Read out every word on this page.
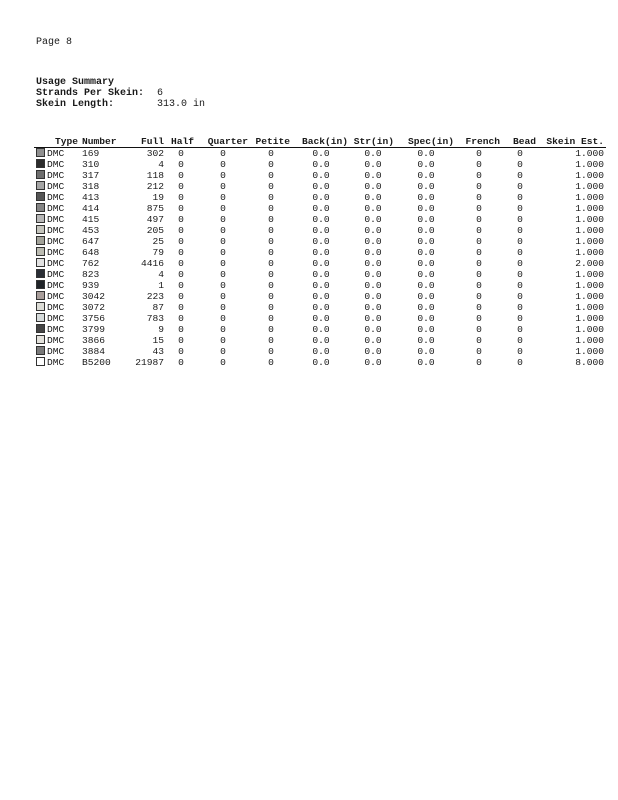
Page 8
Usage Summary
Strands Per Skein: 6
Skein Length:	313.0 in
Type	Number	Full	Half	Quarter	Petite	Back(in)	Str(in)	Spec(in)	French	Bead	Skein Est.
DMC	169	302	0	0	0	0.0	0.0	0.0	0	0	1.000
DMC	310	4	0	0	0	0.0	0.0	0.0	0	0	1.000
DMC	317	118	0	0	0	0.0	0.0	0.0	0	0	1.000
DMC	318	212	0	0	0	0.0	0.0	0.0	0	0	1.000
DMC	413	19	0	0	0	0.0	0.0	0.0	0	0	1.000
DMC	414	875	0	0	0	0.0	0.0	0.0	0	0	1.000
DMC	415	497	0	0	0	0.0	0.0	0.0	0	0	1.000
DMC	453	205	0	0	0	0.0	0.0	0.0	0	0	1.000
DMC	647	25	0	0	0	0.0	0.0	0.0	0	0	1.000
DMC	648	79	0	0	0	0.0	0.0	0.0	0	0	1.000
DMC	762	4416	0	0	0	0.0	0.0	0.0	0	0	2.000
DMC	823	4	0	0	0	0.0	0.0	0.0	0	0	1.000
DMC	939	1	0	0	0	0.0	0.0	0.0	0	0	1.000
DMC	3042	223	0	0	0	0.0	0.0	0.0	0	0	1.000
DMC	3072	87	0	0	0	0.0	0.0	0.0	0	0	1.000
DMC	3756	783	0	0	0	0.0	0.0	0.0	0	0	1.000
DMC	3799	9	0	0	0	0.0	0.0	0.0	0	0	1.000
DMC	3866	15	0	0	0	0.0	0.0	0.0	0	0	1.000
DMC	3884	43	0	0	0	0.0	0.0	0.0	0	0	1.000
DMC	B5200	21987	0	0	0	0.0	0.0	0.0	0	0	8.000
